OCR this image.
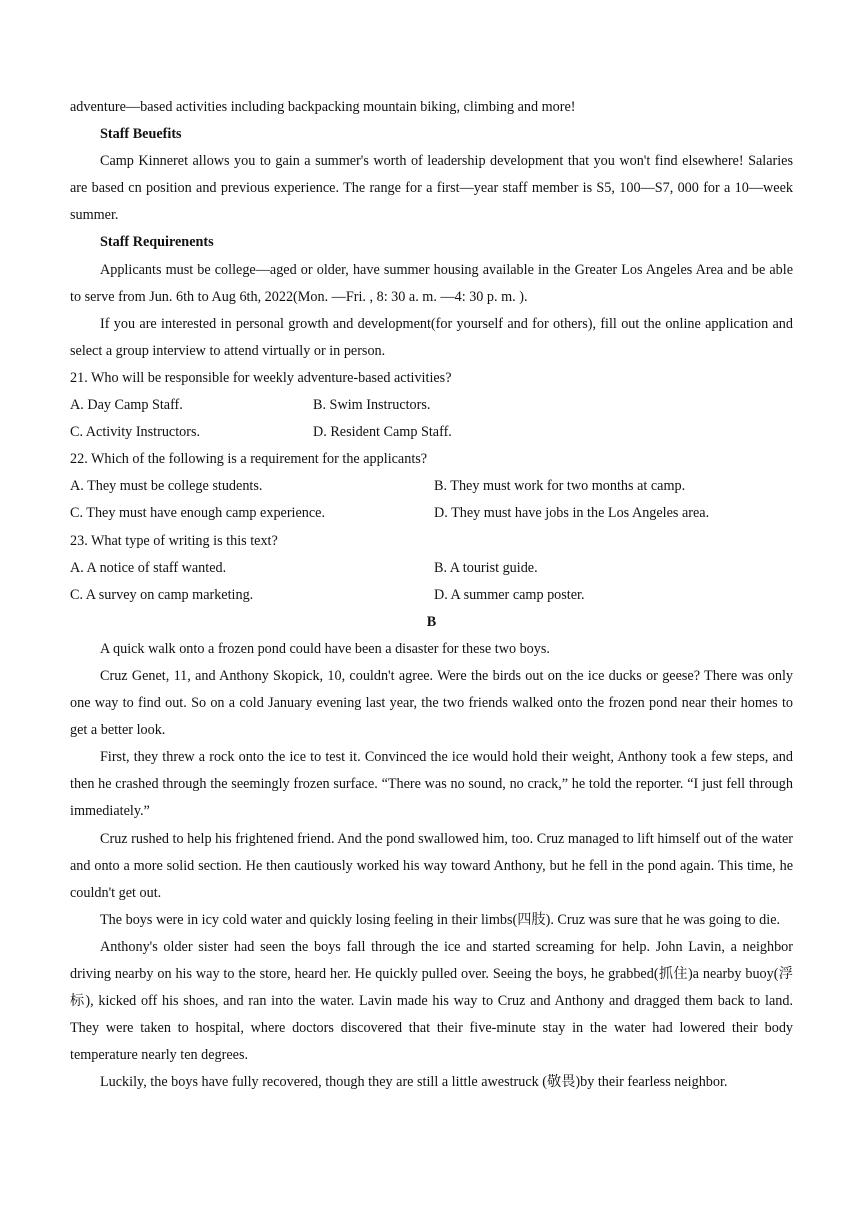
adventure—based activities including backpacking mountain biking, climbing and more!
Staff Beuefits

Camp Kinneret allows you to gain a summer's worth of leadership development that you won't find elsewhere! Salaries are based cn position and previous experience. The range for a first—year staff member is S5, 100—S7, 000 for a 10—week summer.

Staff Requirenents

Applicants must be college—aged or older, have summer housing available in the Greater Los Angeles Area and be able to serve from Jun. 6th to Aug 6th, 2022(Mon. —Fri. , 8: 30 a. m. —4: 30 p. m. ).

If you are interested in personal growth and development(for yourself and for others), fill out the online application and select a group interview to attend virtually or in person.

21. Who will be responsible for weekly adventure-based activities?
A. Day Camp Staff.	B. Swim Instructors.
C. Activity Instructors.	D. Resident Camp Staff.
22. Which of the following is a requirement for the applicants?
A. They must be college students.	B. They must work for two months at camp.
C. They must have enough camp experience.	D. They must have jobs in the Los Angeles area.
23. What type of writing is this text?
A. A notice of staff wanted.	B. A tourist guide.
C. A survey on camp marketing.	D. A summer camp poster.
B

A quick walk onto a frozen pond could have been a disaster for these two boys.

Cruz Genet, 11, and Anthony Skopick, 10, couldn't agree. Were the birds out on the ice ducks or geese? There was only one way to find out. So on a cold January evening last year, the two friends walked onto the frozen pond near their homes to get a better look.

First, they threw a rock onto the ice to test it. Convinced the ice would hold their weight, Anthony took a few steps, and then he crashed through the seemingly frozen surface. “There was no sound, no crack,” he told the reporter. “I just fell through immediately.”

Cruz rushed to help his frightened friend. And the pond swallowed him, too. Cruz managed to lift himself out of the water and onto a more solid section. He then cautiously worked his way toward Anthony, but he fell in the pond again. This time, he couldn't get out.

The boys were in icy cold water and quickly losing feeling in their limbs(四肢). Cruz was sure that he was going to die.

Anthony's older sister had seen the boys fall through the ice and started screaming for help. John Lavin, a neighbor driving nearby on his way to the store, heard her. He quickly pulled over. Seeing the boys, he grabbed(抓住)a nearby buoy(浮标), kicked off his shoes, and ran into the water. Lavin made his way to Cruz and Anthony and dragged them back to land. They were taken to hospital, where doctors discovered that their five-minute stay in the water had lowered their body temperature nearly ten degrees.

Luckily, the boys have fully recovered, though they are still a little awestruck (敬畏)by their fearless neighbor.
